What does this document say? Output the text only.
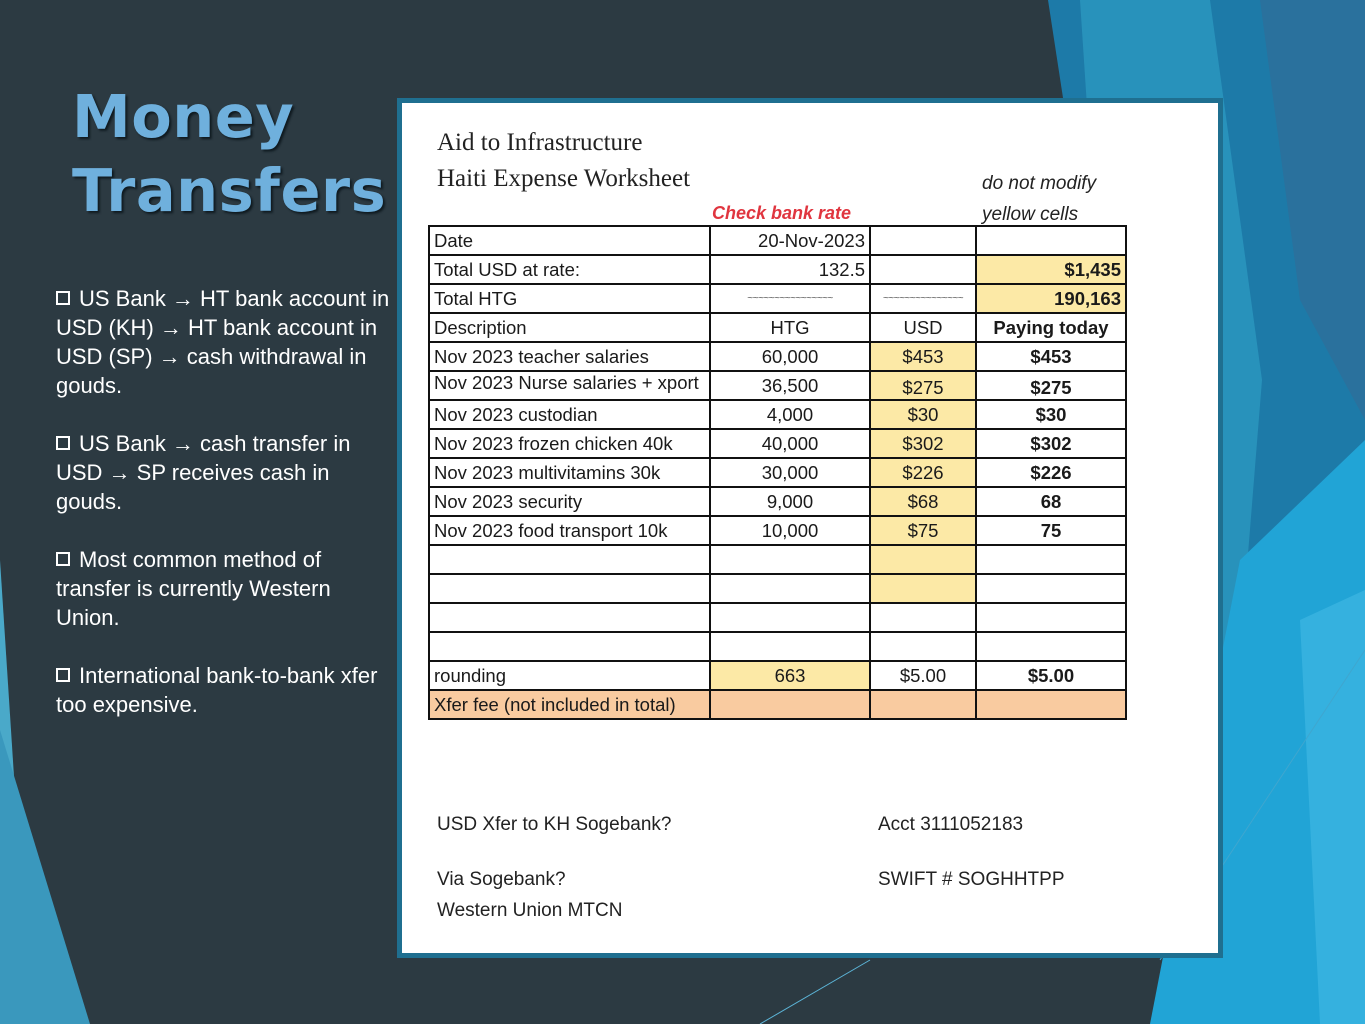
Money
Transfers
US Bank → HT bank account in USD (KH) → HT bank account in USD (SP) → cash withdrawal in gouds.
US Bank → cash transfer in USD → SP receives cash in gouds.
Most common method of transfer is currently Western Union.
International bank-to-bank xfer too expensive.
Aid to Infrastructure
Haiti Expense Worksheet	do not modify
yellow cells
Check bank rate
Date	20-Nov-2023		
Total USD at rate:	132.5		$1,435
Total HTG	~~~~~~~~~~~~~~~~	~~~~~~~~~~~~~~~	190,163
Description	HTG	USD	Paying today
Nov 2023 teacher salaries	60,000	$453	$453
Nov 2023 Nurse salaries + xport	36,500	$275	$275
Nov 2023 custodian	4,000	$30	$30
Nov 2023 frozen chicken 40k	40,000	$302	$302
Nov 2023 multivitamins 30k	30,000	$226	$226
Nov 2023 security	9,000	$68	68
Nov 2023 food transport 10k	10,000	$75	75

rounding	663	$5.00	$5.00
Xfer fee (not included in total)			
USD Xfer to KH Sogebank?	Acct 3111052183
Via Sogebank?	SWIFT # SOGHHTPP
Western Union MTCN
